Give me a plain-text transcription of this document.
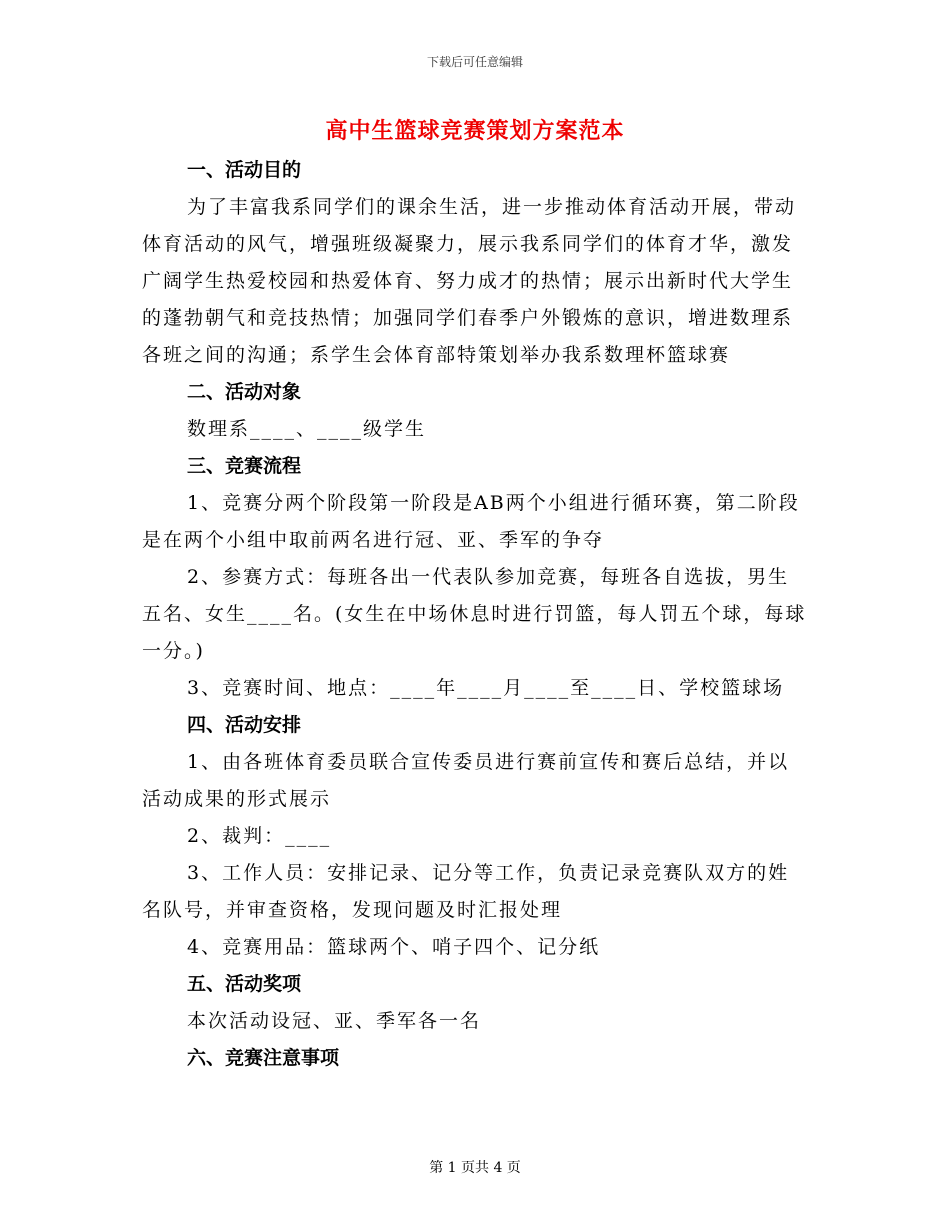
下载后可任意编辑
高中生篮球竞赛策划方案范本
一、活动目的

为了丰富我系同学们的课余生活，进一步推动体育活动开展，带动体育活动的风气，增强班级凝聚力，展示我系同学们的体育才华，激发广阔学生热爱校园和热爱体育、努力成才的热情；展示出新时代大学生的蓬勃朝气和竞技热情；加强同学们春季户外锻炼的意识，增进数理系各班之间的沟通；系学生会体育部特策划举办我系数理杯篮球赛

二、活动对象

数理系____、____级学生

三、竞赛流程

1、竞赛分两个阶段第一阶段是AB两个小组进行循环赛，第二阶段是在两个小组中取前两名进行冠、亚、季军的争夺

2、参赛方式：每班各出一代表队参加竞赛，每班各自选拔，男生五名、女生____名。(女生在中场休息时进行罚篮，每人罚五个球，每球一分。)

3、竞赛时间、地点：____年____月____至____日、学校篮球场

四、活动安排

1、由各班体育委员联合宣传委员进行赛前宣传和赛后总结，并以活动成果的形式展示

2、裁判：____

3、工作人员：安排记录、记分等工作，负责记录竞赛队双方的姓名队号，并审查资格，发现问题及时汇报处理

4、竞赛用品：篮球两个、哨子四个、记分纸

五、活动奖项

本次活动设冠、亚、季军各一名

六、竞赛注意事项
第 1 页共 4 页
